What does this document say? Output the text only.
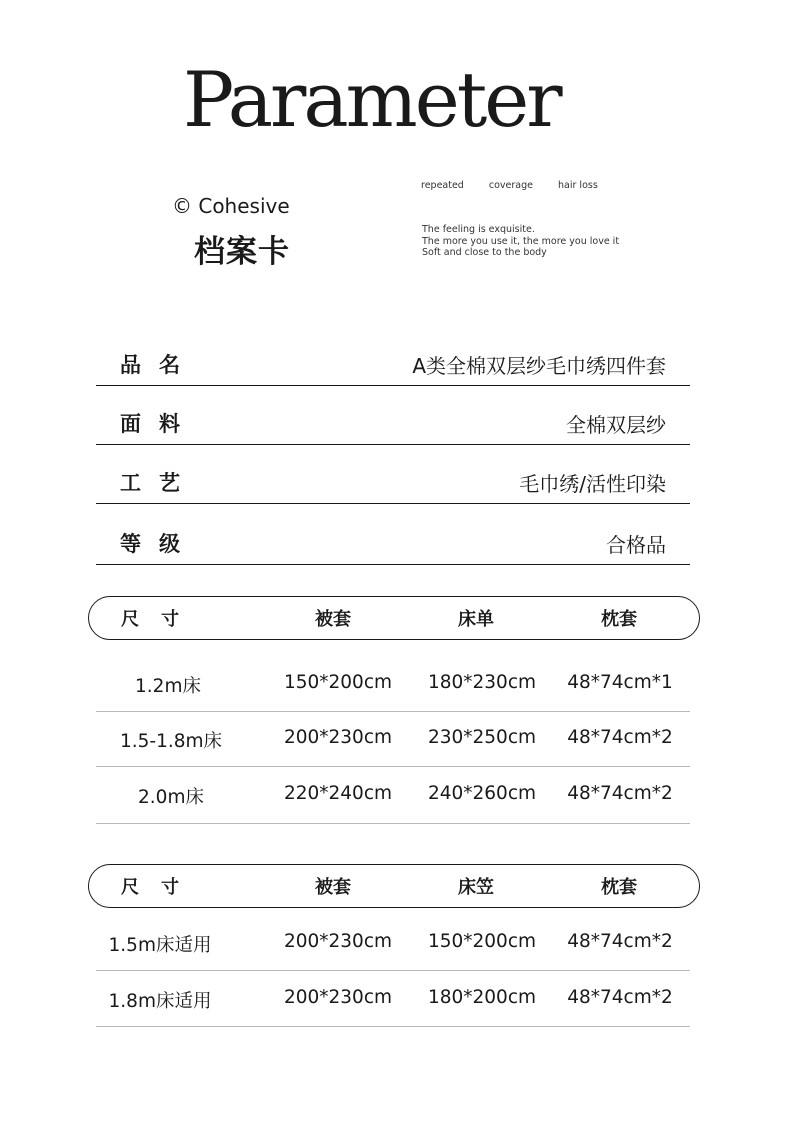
Parameter
© Cohesive
档案卡
repeated	coverage	hair loss
The feeling is exquisite.
The more you use it, the more you love it
Soft and close to the body
品名	A类全棉双层纱毛巾绣四件套
面料	全棉双层纱
工艺	毛巾绣/活性印染
等级	合格品
尺寸	被套	床单	枕套
1.2m床	150*200cm 180*230cm 48*74cm*1
1.5-1.8m床	200*230cm 230*250cm 48*74cm*2
2.0m床	220*240cm 240*260cm 48*74cm*2
尺寸	被套	床笠	枕套
1.5m床适用	200*230cm 150*200cm 48*74cm*2
1.8m床适用	200*230cm 180*200cm 48*74cm*2
